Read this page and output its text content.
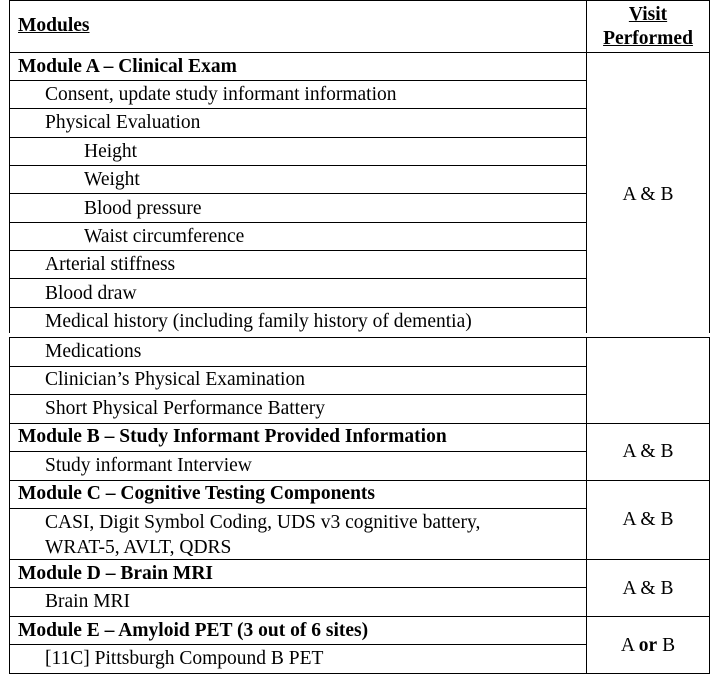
Modules
Visit
Performed
Module A – Clinical Exam
Consent, update study informant information
Physical Evaluation
Height
Weight
Blood pressure
Waist circumference
Arterial stiffness
Blood draw
Medical history (including family history of dementia)
A & B
Medications
Clinician’s Physical Examination
Short Physical Performance Battery
Module B – Study Informant Provided Information
Study informant Interview
A & B
Module C – Cognitive Testing Components
CASI, Digit Symbol Coding, UDS v3 cognitive battery,
WRAT-5, AVLT, QDRS
A & B
Module D – Brain MRI
Brain MRI
A & B
Module E – Amyloid PET (3 out of 6 sites)
[11C] Pittsburgh Compound B PET
A or B
